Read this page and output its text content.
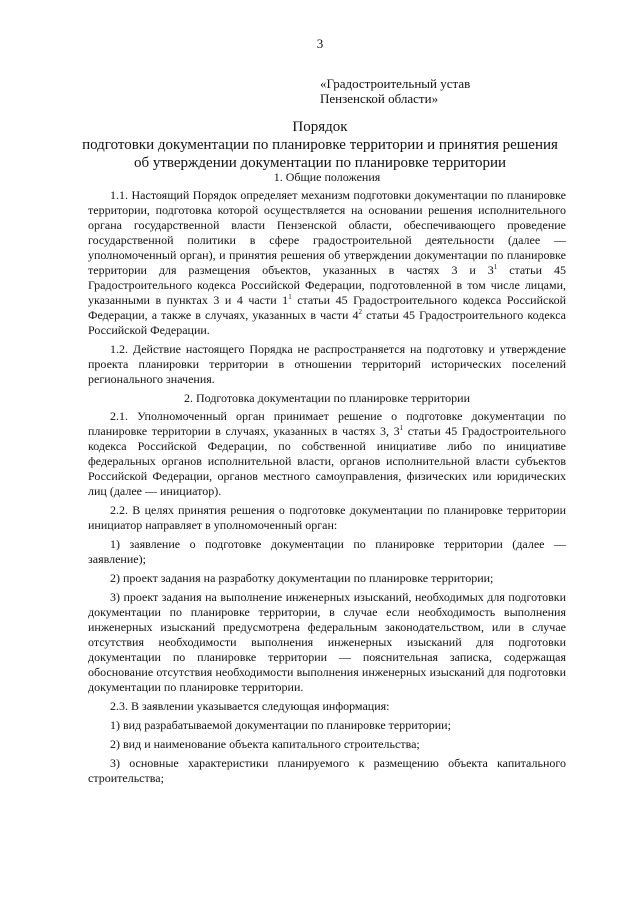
3
«Градостроительный устав
Пензенской области»
Порядок
подготовки документации по планировке территории и принятия решения
об утверждении документации по планировке территории
1. Общие положения

1.1. Настоящий Порядок определяет механизм подготовки документации по планировке территории, подготовка которой осуществляется на основании решения исполнительного органа государственной власти Пензенской области, обеспечивающего проведение государственной политики в сфере градостроительной деятельности (далее — уполномоченный орган), и принятия решения об утверждении документации по планировке территории для размещения объектов, указанных в частях 3 и $3^1$ статьи 45 Градостроительного кодекса Российской Федерации, подготовленной в том числе лицами, указанными в пунктах 3 и 4 части $1^1$ статьи 45 Градостроительного кодекса Российской Федерации, а также в случаях, указанных в части $4^2$ статьи 45 Градостроительного кодекса Российской Федерации.

1.2. Действие настоящего Порядка не распространяется на подготовку и утверждение проекта планировки территории в отношении территорий исторических поселений регионального значения.

2. Подготовка документации по планировке территории

2.1. Уполномоченный орган принимает решение о подготовке документации по планировке территории в случаях, указанных в частях 3, $3^1$ статьи 45 Градостроительного кодекса Российской Федерации, по собственной инициативе либо по инициативе федеральных органов исполнительной власти, органов исполнительной власти субъектов Российской Федерации, органов местного самоуправления, физических или юридических лиц (далее — инициатор).

2.2. В целях принятия решения о подготовке документации по планировке территории инициатор направляет в уполномоченный орган:

1) заявление о подготовке документации по планировке территории (далее — заявление);

2) проект задания на разработку документации по планировке территории;

3) проект задания на выполнение инженерных изысканий, необходимых для подготовки документации по планировке территории, в случае если необходимость выполнения инженерных изысканий предусмотрена федеральным законодательством, или в случае отсутствия необходимости выполнения инженерных изысканий для подготовки документации по планировке территории — пояснительная записка, содержащая обоснование отсутствия необходимости выполнения инженерных изысканий для подготовки документации по планировке территории.

2.3. В заявлении указывается следующая информация:

1) вид разрабатываемой документации по планировке территории;

2) вид и наименование объекта капитального строительства;

3) основные характеристики планируемого к размещению объекта капитального строительства;
